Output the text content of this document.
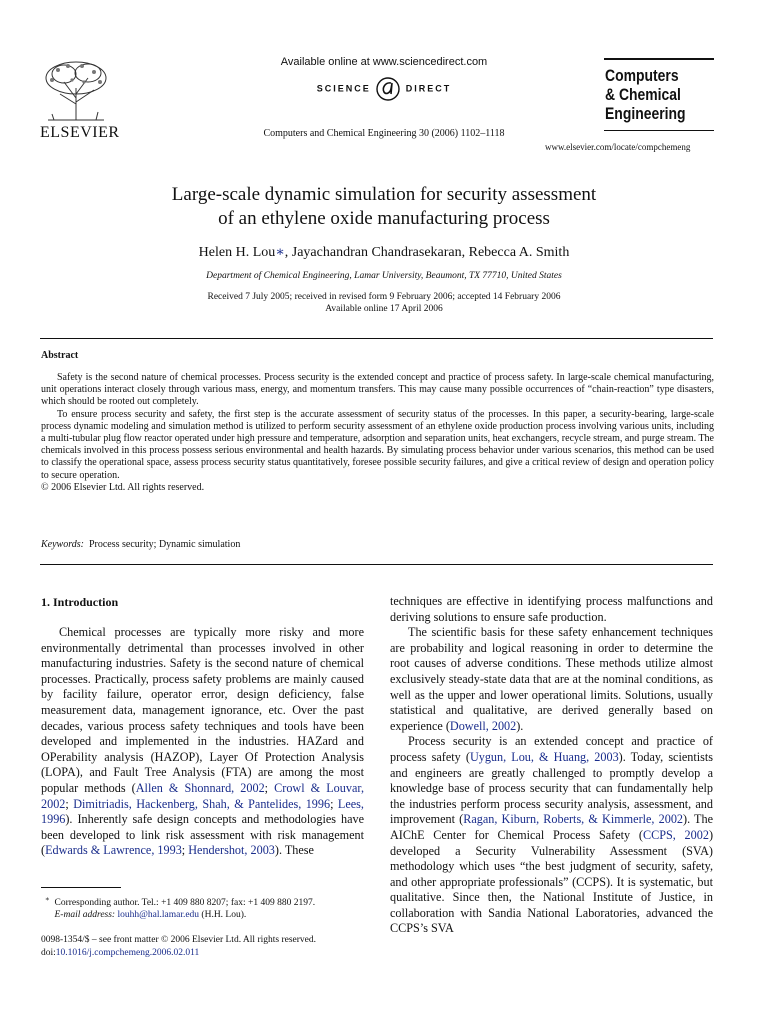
ELSEVIER
Available online at www.sciencedirect.com
SCIENCE	DIRECT
Computers and Chemical Engineering 30 (2006) 1102–1118
Computers
& Chemical
Engineering
www.elsevier.com/locate/compchemeng
Large-scale dynamic simulation for security assessment
of an ethylene oxide manufacturing process
Helen H. Lou∗, Jayachandran Chandrasekaran, Rebecca A. Smith
Department of Chemical Engineering, Lamar University, Beaumont, TX 77710, United States
Received 7 July 2005; received in revised form 9 February 2006; accepted 14 February 2006
Available online 17 April 2006
Abstract

Safety is the second nature of chemical processes. Process security is the extended concept and practice of process safety. In large-scale chemical manufacturing, unit operations interact closely through various mass, energy, and momentum transfers. This may cause many possible occurrences of “chain-reaction” type disasters, which should be rooted out completely.

To ensure process security and safety, the first step is the accurate assessment of security status of the processes. In this paper, a security-bearing, large-scale process dynamic modeling and simulation method is utilized to perform security assessment of an ethylene oxide production process involving various units, including a multi-tubular plug flow reactor operated under high pressure and temperature, adsorption and separation units, heat exchangers, recycle stream, and purge stream. The chemicals involved in this process possess serious environmental and health hazards. By simulating process behavior under various scenarios, this method can be used to classify the operational space, assess process security status quantitatively, foresee possible security failures, and give a critical review of design and operation policy to secure operation.

© 2006 Elsevier Ltd. All rights reserved.

Keywords: Process security; Dynamic simulation
1. Introduction

Chemical processes are typically more risky and more environmentally detrimental than processes involved in other manufacturing industries. Safety is the second nature of chemical processes. Practically, process safety problems are mainly caused by facility failure, operator error, design deficiency, false measurement data, management ignorance, etc. Over the past decades, various process safety techniques and tools have been developed and implemented in the industries. HAZard and OPerability analysis (HAZOP), Layer Of Protection Analysis (LOPA), and Fault Tree Analysis (FTA) are among the most popular methods (Allen & Shonnard, 2002; Crowl & Louvar, 2002; Dimitriadis, Hackenberg, Shah, & Pantelides, 1996; Lees, 1996). Inherently safe design concepts and methodologies have been developed to link risk assessment with risk management (Edwards & Lawrence, 1993; Hendershot, 2003). These

techniques are effective in identifying process malfunctions and deriving solutions to ensure safe production.

The scientific basis for these safety enhancement techniques are probability and logical reasoning in order to determine the root causes of adverse conditions. These methods utilize almost exclusively steady-state data that are at the nominal conditions, as well as the upper and lower operational limits. Solutions, usually statistical and qualitative, are derived generally based on experience (Dowell, 2002).

Process security is an extended concept and practice of process safety (Uygun, Lou, & Huang, 2003). Today, scientists and engineers are greatly challenged to promptly develop a knowledge base of process security that can fundamentally help the industries perform process security analysis, assessment, and improvement (Ragan, Kiburn, Roberts, & Kimmerle, 2002). The AIChE Center for Chemical Process Safety (CCPS, 2002) developed a Security Vulnerability Assessment (SVA) methodology which uses “the best judgment of security, safety, and other appropriate professionals” (CCPS). It is systematic, but qualitative. Since then, the National Institute of Justice, in collaboration with Sandia National Laboratories, advanced the CCPS’s SVA

∗ Corresponding author. Tel.: +1 409 880 8207; fax: +1 409 880 2197.
E-mail address: louhh@hal.lamar.edu (H.H. Lou).
0098-1354/$ – see front matter © 2006 Elsevier Ltd. All rights reserved.
doi:10.1016/j.compchemeng.2006.02.011
